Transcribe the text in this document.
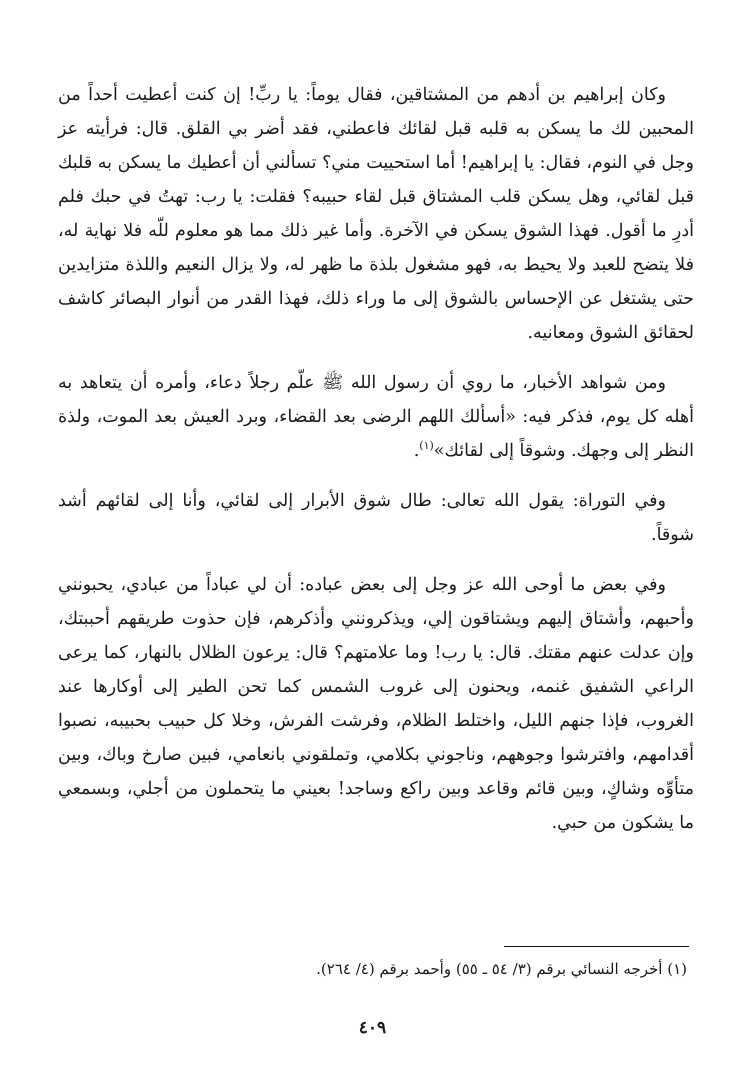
وكان إبراهيم بن أدهم من المشتاقين، فقال يوماً: يا ربِّ! إن كنت أعطيت أحداً من المحبين لك ما يسكن به قلبه قبل لقائك فاعطني، فقد أضر بي القلق. قال: فرأيته عز وجل في النوم، فقال: يا إبراهيم! أما استحييت مني؟ تسألني أن أعطيك ما يسكن به قلبك قبل لقائي، وهل يسكن قلب المشتاق قبل لقاء حبيبه؟ فقلت: يا رب: تهتُ في حبك فلم أدرِ ما أقول. فهذا الشوق يسكن في الآخرة. وأما غير ذلك مما هو معلوم للّه فلا نهاية له، فلا يتضح للعبد ولا يحيط به، فهو مشغول بلذة ما ظهر له، ولا يزال النعيم واللذة متزايدين حتى يشتغل عن الإحساس بالشوق إلى ما وراء ذلك، فهذا القدر من أنوار البصائر كاشف لحقائق الشوق ومعانيه.

ومن شواهد الأخبار، ما روي أن رسول الله ﷺ علّم رجلاً دعاء، وأمره أن يتعاهد به أهله كل يوم، فذكر فيه: «أسألك اللهم الرضى بعد القضاء، وبرد العيش بعد الموت، ولذة النظر إلى وجهك. وشوقاً إلى لقائك»$^{(١)}$.

وفي التوراة: يقول الله تعالى: طال شوق الأبرار إلى لقائي، وأنا إلى لقائهم أشد شوقاً.

وفي بعض ما أوحى الله عز وجل إلى بعض عباده: أن لي عباداً من عبادي، يحبونني وأحبهم، وأشتاق إليهم ويشتاقون إلي، ويذكرونني وأذكرهم، فإن حذوت طريقهم أحببتك، وإن عدلت عنهم مقتك. قال: يا رب! وما علامتهم؟ قال: يرعون الظلال بالنهار، كما يرعى الراعي الشفيق غنمه، ويحنون إلى غروب الشمس كما تحن الطير إلى أوكارها عند الغروب، فإذا جنهم الليل، واختلط الظلام، وفرشت الفرش، وخلا كل حبيب بحبيبه، نصبوا أقدامهم، وافترشوا وجوههم، وناجوني بكلامي، وتملقوني بانعامي، فبين صارخ وباك، وبين متأوِّه وشاكٍ، وبين قائم وقاعد وبين راكع وساجد! بعيني ما يتحملون من أجلي، وبسمعي ما يشكون من حبي.

(١) أخرجه النسائي برقم (٣/ ٥٤ ـ ٥٥) وأحمد برقم (٤/ ٢٦٤).
٤٠٩
